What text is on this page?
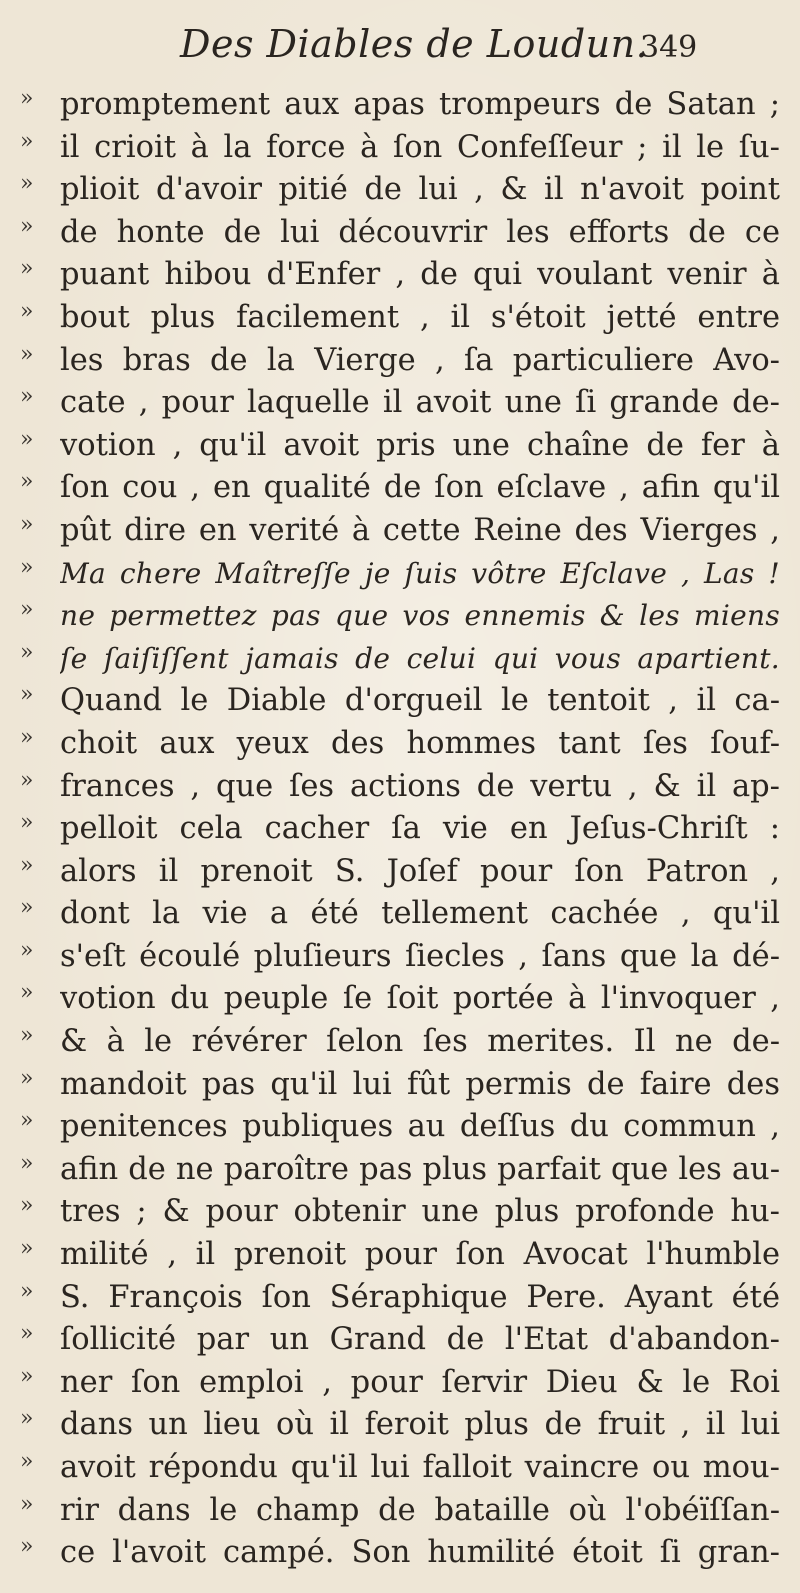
Des Diables de Loudun.
349
» promptement aux apas trompeurs de Satan ;
» il crioit à la force à ſon Confeſſeur ; il le ſu-
» plioit d'avoir pitié de lui , & il n'avoit point
» de honte de lui découvrir les efforts de ce
» puant hibou d'Enfer , de qui voulant venir à
» bout plus facilement , il s'étoit jetté entre
» les bras de la Vierge , ſa particuliere Avo-
» cate , pour laquelle il avoit une ſi grande de-
» votion , qu'il avoit pris une chaîne de fer à
» ſon cou , en qualité de ſon eſclave , afin qu'il
» pût dire en verité à cette Reine des Vierges ,
» Ma chere Maîtreſſe je ſuis vôtre Eſclave , Las !
» ne permettez pas que vos ennemis & les miens
» ſe ſaiſiſſent jamais de celui qui vous apartient.
» Quand le Diable d'orgueil le tentoit , il ca-
» choit aux yeux des hommes tant ſes ſouf-
» frances , que ſes actions de vertu , & il ap-
» pelloit cela cacher ſa vie en Jeſus-Chriſt :
» alors il prenoit S. Joſef pour ſon Patron ,
» dont la vie a été tellement cachée , qu'il
» s'eſt écoulé pluſieurs ſiecles , ſans que la dé-
» votion du peuple ſe ſoit portée à l'invoquer ,
» & à le révérer ſelon ſes merites. Il ne de-
» mandoit pas qu'il lui fût permis de faire des
» penitences publiques au deſſus du commun ,
» afin de ne paroître pas plus parfait que les au-
» tres ; & pour obtenir une plus profonde hu-
» milité , il prenoit pour ſon Avocat l'humble
» S. François ſon Séraphique Pere. Ayant été
» ſollicité par un Grand de l'Etat d'abandon-
» ner ſon emploi , pour ſervir Dieu & le Roi
» dans un lieu où il feroit plus de fruit , il lui
» avoit répondu qu'il lui falloit vaincre ou mou-
» rir dans le champ de bataille où l'obéïſſan-
» ce l'avoit campé. Son humilité étoit ſi gran-
